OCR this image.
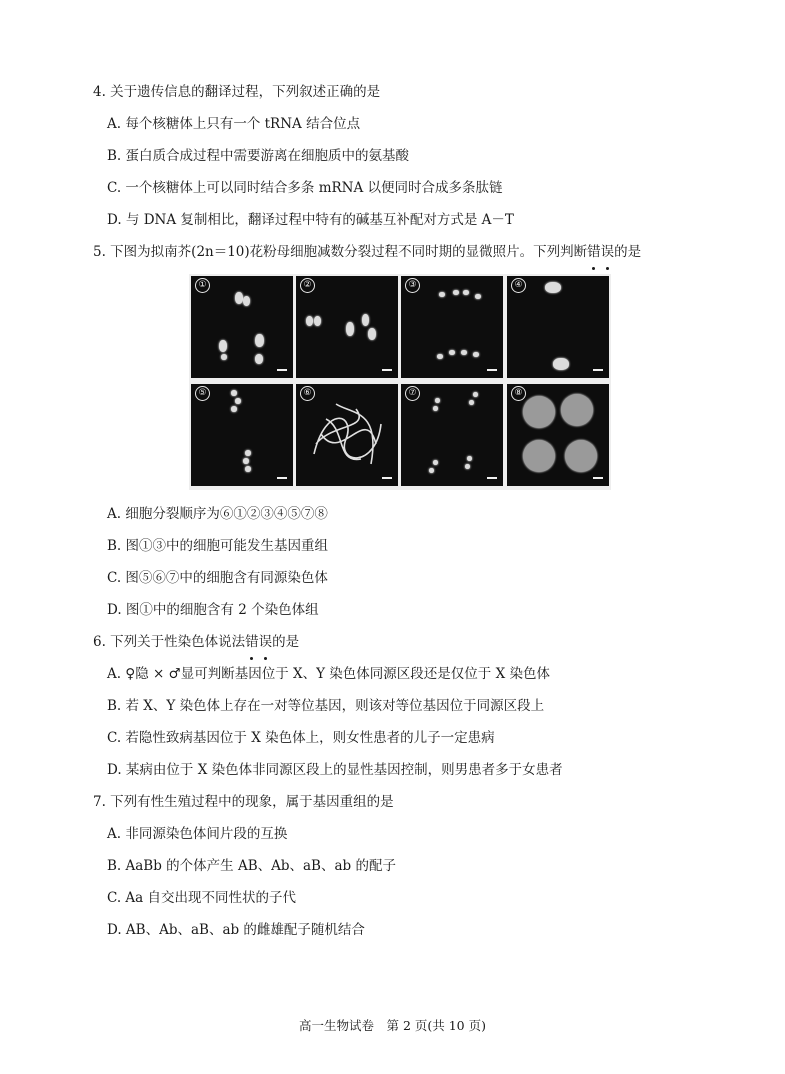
4. 关于遗传信息的翻译过程，下列叙述正确的是
A. 每个核糖体上只有一个 tRNA 结合位点
B. 蛋白质合成过程中需要游离在细胞质中的氨基酸
C. 一个核糖体上可以同时结合多条 mRNA 以便同时合成多条肽链
D. 与 DNA 复制相比，翻译过程中特有的碱基互补配对方式是 A－T
5. 下图为拟南芥(2n＝10)花粉母细胞减数分裂过程不同时期的显微照片。下列判断错误
的是
①	②	③	④
⑤	⑥	⑦	⑧
A. 细胞分裂顺序为⑥①②③④⑤⑦⑧
B. 图①③中的细胞可能发生基因重组
C. 图⑤⑥⑦中的细胞含有同源染色体
D. 图①中的细胞含有 2 个染色体组
6. 下列关于性染色体说法错误
的是
A. ♀隐 × ♂显可判断基因位于 X、Y 染色体同源区段还是仅位于 X 染色体
B. 若 X、Y 染色体上存在一对等位基因，则该对等位基因位于同源区段上
C. 若隐性致病基因位于 X 染色体上，则女性患者的儿子一定患病
D. 某病由位于 X 染色体非同源区段上的显性基因控制，则男患者多于女患者
7. 下列有性生殖过程中的现象，属于基因重组的是
A. 非同源染色体间片段的互换
B. AaBb 的个体产生 AB、Ab、aB、ab 的配子
C. Aa 自交出现不同性状的子代
D. AB、Ab、aB、ab 的雌雄配子随机结合
高一生物试卷　第 2 页(共 10 页)
